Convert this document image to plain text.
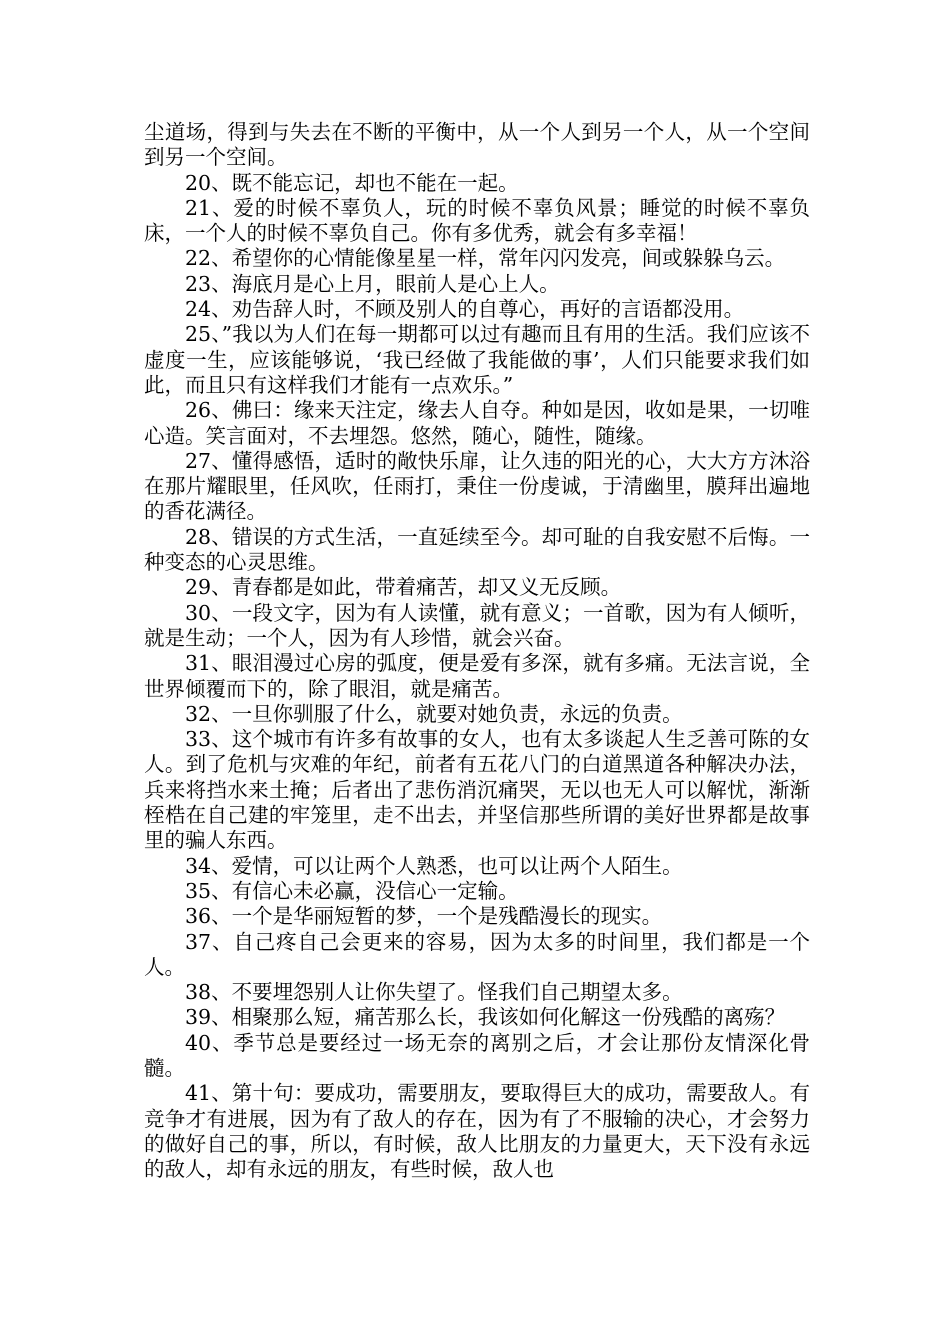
尘道场，得到与失去在不断的平衡中，从一个人到另一个人，从一个空间到另一个空间。

20、既不能忘记，却也不能在一起。

21、爱的时候不辜负人，玩的时候不辜负风景；睡觉的时候不辜负床，一个人的时候不辜负自己。你有多优秀，就会有多幸福！

22、希望你的心情能像星星一样，常年闪闪发亮，间或躲躲乌云。

23、海底月是心上月，眼前人是心上人。

24、劝告辞人时，不顾及别人的自尊心，再好的言语都没用。

25、”我以为人们在每一期都可以过有趣而且有用的生活。我们应该不虚度一生，应该能够说，‘我已经做了我能做的事’，人们只能要求我们如此，而且只有这样我们才能有一点欢乐。”

26、佛曰：缘来天注定，缘去人自夺。种如是因，收如是果，一切唯心造。笑言面对，不去埋怨。悠然，随心，随性，随缘。

27、懂得感悟，适时的敞快乐扉，让久违的阳光的心，大大方方沐浴在那片耀眼里，任风吹，任雨打，秉住一份虔诚，于清幽里，膜拜出遍地的香花满径。

28、错误的方式生活，一直延续至今。却可耻的自我安慰不后悔。一种变态的心灵思维。

29、青春都是如此，带着痛苦，却又义无反顾。

30、一段文字，因为有人读懂，就有意义；一首歌，因为有人倾听，就是生动；一个人，因为有人珍惜，就会兴奋。

31、眼泪漫过心房的弧度，便是爱有多深，就有多痛。无法言说，全世界倾覆而下的，除了眼泪，就是痛苦。

32、一旦你驯服了什么，就要对她负责，永远的负责。

33、这个城市有许多有故事的女人，也有太多谈起人生乏善可陈的女人。到了危机与灾难的年纪，前者有五花八门的白道黑道各种解决办法，兵来将挡水来土掩；后者出了悲伤消沉痛哭，无以也无人可以解忧，渐渐桎梏在自己建的牢笼里，走不出去，并坚信那些所谓的美好世界都是故事里的骗人东西。

34、爱情，可以让两个人熟悉，也可以让两个人陌生。

35、有信心未必赢，没信心一定输。

36、一个是华丽短暂的梦，一个是残酷漫长的现实。

37、自己疼自己会更来的容易，因为太多的时间里，我们都是一个人。

38、不要埋怨别人让你失望了。怪我们自己期望太多。

39、相聚那么短，痛苦那么长，我该如何化解这一份残酷的离殇？

40、季节总是要经过一场无奈的离别之后，才会让那份友情深化骨髓。

41、第十句：要成功，需要朋友，要取得巨大的成功，需要敌人。有竞争才有进展，因为有了敌人的存在，因为有了不服输的决心，才会努力的做好自己的事，所以，有时候，敌人比朋友的力量更大，天下没有永远的敌人，却有永远的朋友，有些时候，敌人也
